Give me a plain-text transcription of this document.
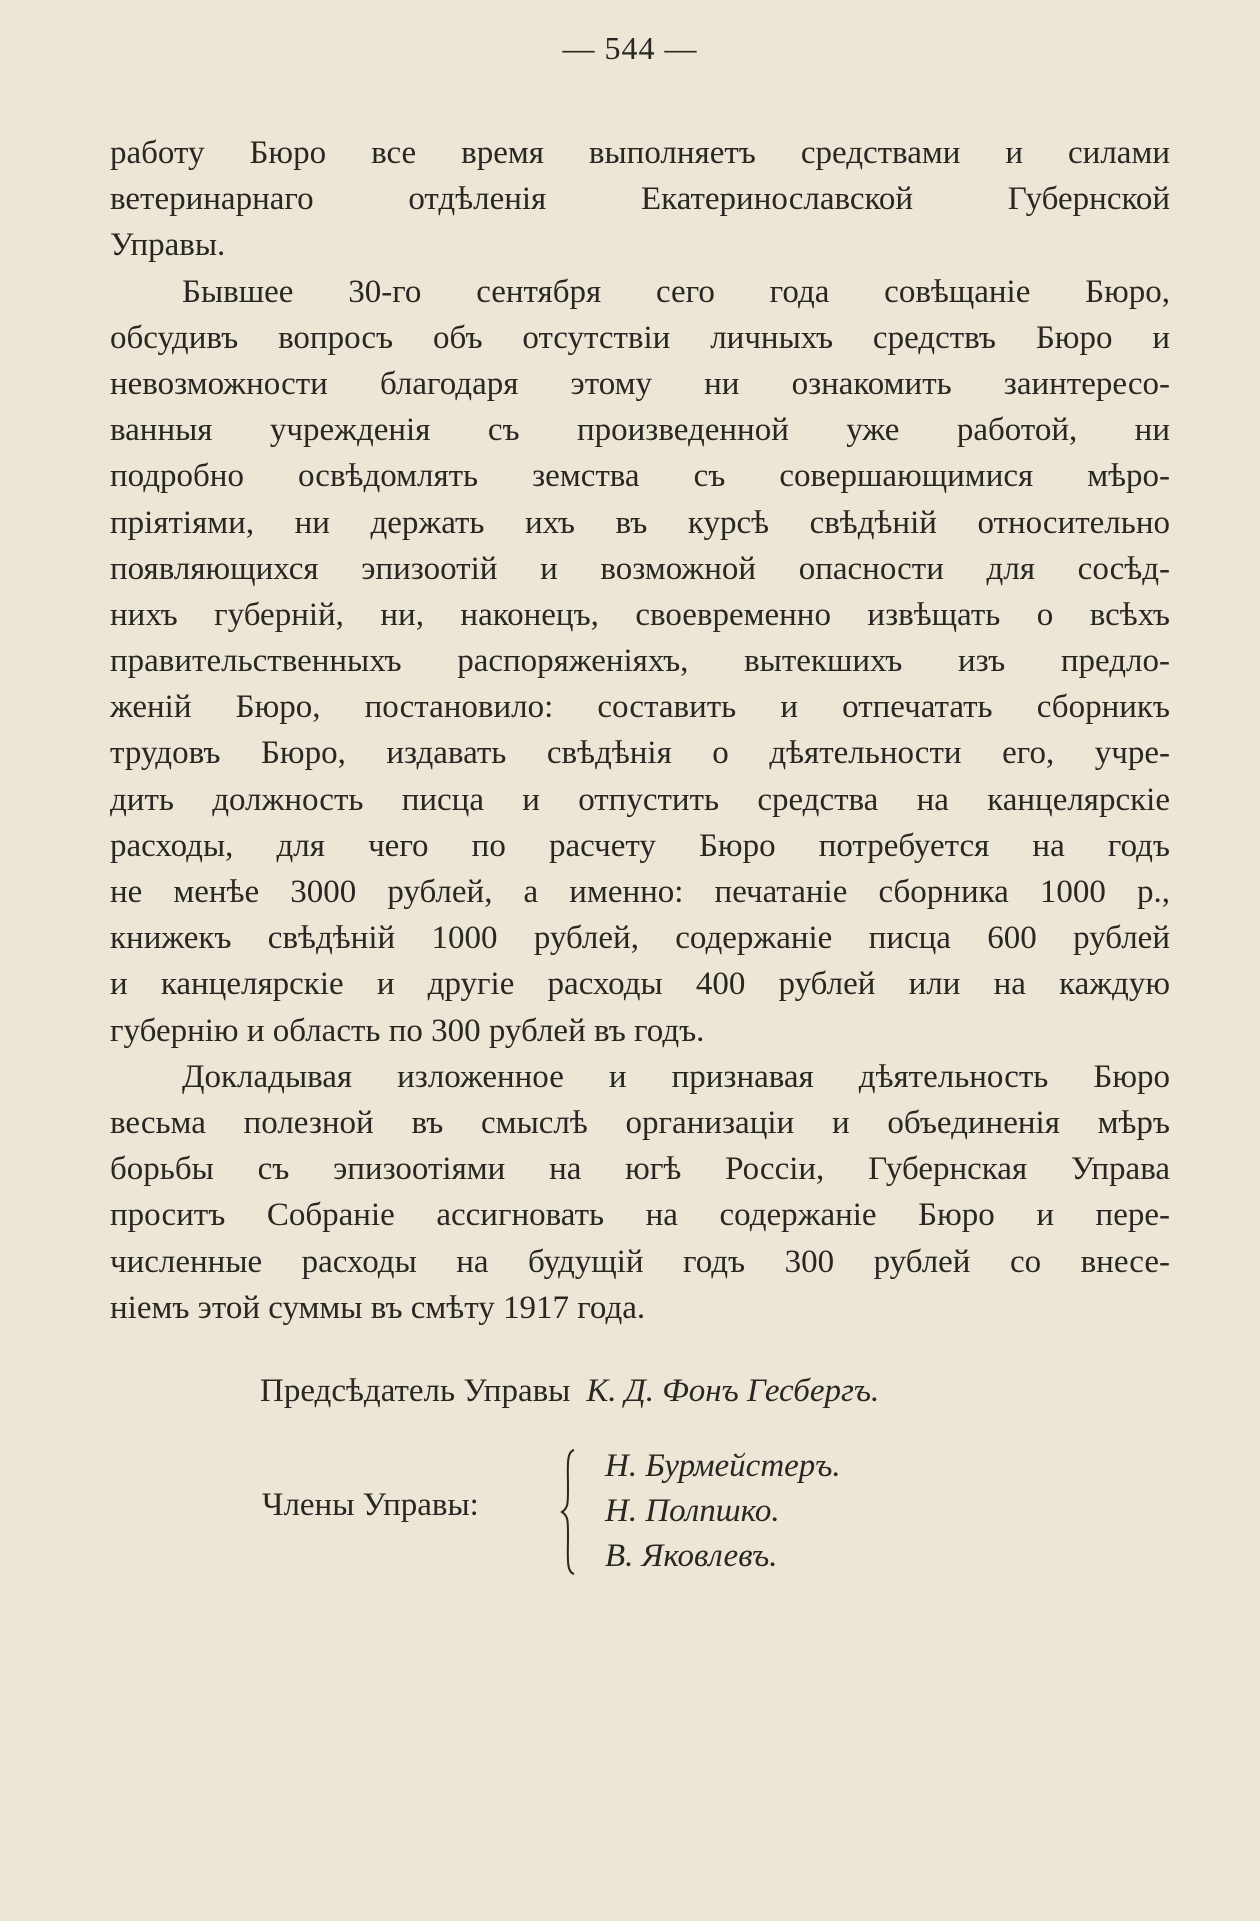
— 544 —
работу Бюро все время выполняетъ средствами и силами
ветеринарнаго отдѣленія Екатеринославской Губернской
Управы.
Бывшее 30-го сентября сего года совѣщаніе Бюро,
обсудивъ вопросъ объ отсутствіи личныхъ средствъ Бюро и
невозможности благодаря этому ни ознакомить заинтересо-
ванныя учрежденія съ произведенной уже работой, ни
подробно освѣдомлять земства съ совершающимися мѣро-
пріятіями, ни держать ихъ въ курсѣ свѣдѣній относительно
появляющихся эпизоотій и возможной опасности для сосѣд-
нихъ губерній, ни, наконецъ, своевременно извѣщать о всѣхъ
правительственныхъ распоряженіяхъ, вытекшихъ изъ предло-
женій Бюро, постановило: составить и отпечатать сборникъ
трудовъ Бюро, издавать свѣдѣнія о дѣятельности его, учре-
дить должность писца и отпустить средства на канцелярскіе
расходы, для чего по расчету Бюро потребуется на годъ
не менѣе 3000 рублей, а именно: печатаніе сборника 1000 р.,
книжекъ свѣдѣній 1000 рублей, содержаніе писца 600 рублей
и канцелярскіе и другіе расходы 400 рублей или на каждую
губернію и область по 300 рублей въ годъ.
Докладывая изложенное и признавая дѣятельность Бюро
весьма полезной въ смыслѣ организаціи и объединенія мѣръ
борьбы съ эпизоотіями на югѣ Россіи, Губернская Управа
проситъ Собраніе ассигновать на содержаніе Бюро и пере-
численные расходы на будущій годъ 300 рублей со внесе-
ніемъ этой суммы въ смѣту 1917 года.
Предсѣдатель Управы К. Д. Фонъ Гесбергъ.
Члены Управы:
Н. Бурмейстеръ.
Н. Полпшко.
В. Яковлевъ.
